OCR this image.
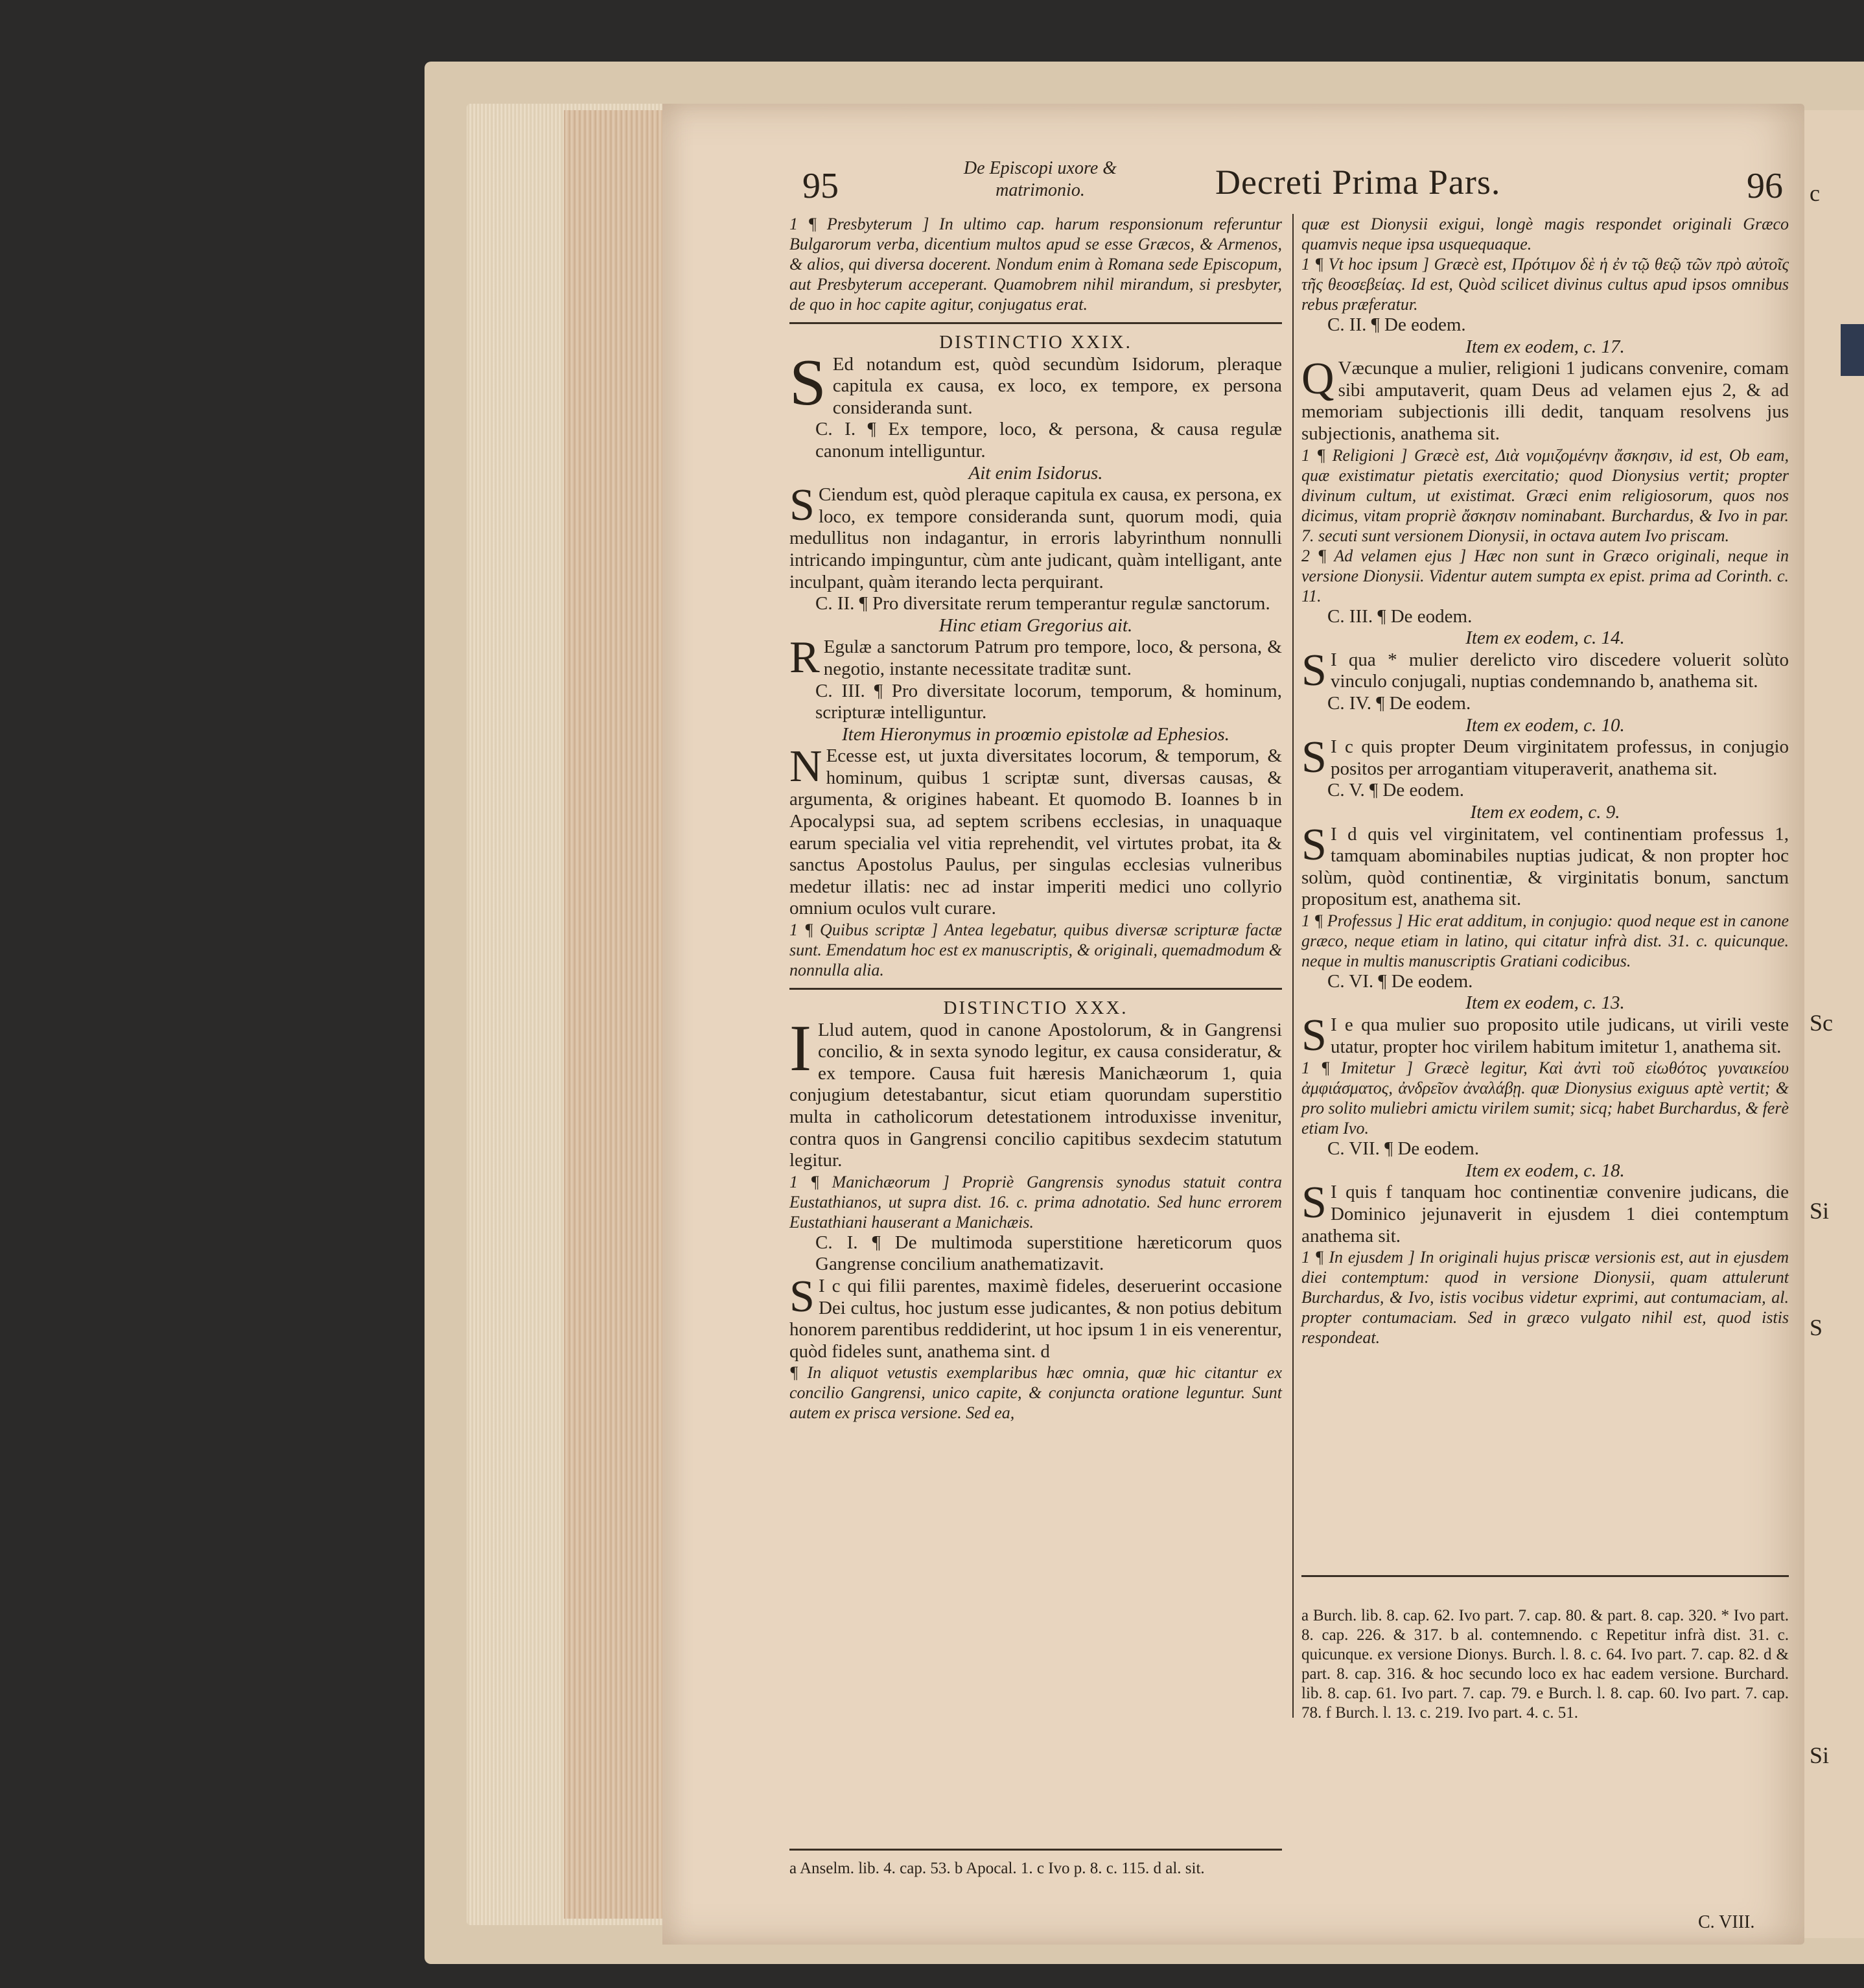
c
Sc
Si
S
Si
95	De Episcopi uxore & matrimonio.	Decreti Prima Pars.	96

1 ¶ Presbyterum ] In ultimo cap. harum responsionum referuntur Bulgarorum verba, dicentium multos apud se esse Græcos, & Armenos, & alios, qui diversa docerent. Nondum enim à Romana sede Episcopum, aut Presbyterum acceperant. Quamobrem nihil mirandum, si presbyter, de quo in hoc capite agitur, conjugatus erat.

DISTINCTIO XXIX.

S Ed notandum est, quòd secundùm Isidorum, pleraque capitula ex causa, ex loco, ex tempore, ex persona consideranda sunt.

C. I. ¶ Ex tempore, loco, & persona, & causa regulæ canonum intelliguntur.

Ait enim Isidorus.

S Ciendum est, quòd pleraque capitula ex causa, ex persona, ex loco, ex tempore consideranda sunt, quorum modi, quia medullitus non indagantur, in erroris labyrinthum nonnulli intricando impinguntur, cùm ante judicant, quàm intelligant, ante inculpant, quàm iterando lecta perquirant.

C. II. ¶ Pro diversitate rerum temperantur regulæ sanctorum.

Hinc etiam Gregorius ait.

R Egulæ a sanctorum Patrum pro tempore, loco, & persona, & negotio, instante necessitate traditæ sunt.

C. III. ¶ Pro diversitate locorum, temporum, & hominum, scripturæ intelliguntur.

Item Hieronymus in proœmio epistolæ ad Ephesios.

N Ecesse est, ut juxta diversitates locorum, & temporum, & hominum, quibus 1 scriptæ sunt, diversas causas, & argumenta, & origines habeant. Et quomodo B. Ioannes b in Apocalypsi sua, ad septem scribens ecclesias, in unaquaque earum specialia vel vitia reprehendit, vel virtutes probat, ita & sanctus Apostolus Paulus, per singulas ecclesias vulneribus medetur illatis: nec ad instar imperiti medici uno collyrio omnium oculos vult curare.

1 ¶ Quibus scriptæ ] Antea legebatur, quibus diversæ scripturæ factæ sunt. Emendatum hoc est ex manuscriptis, & originali, quemadmodum & nonnulla alia.

DISTINCTIO XXX.

I Llud autem, quod in canone Apostolorum, & in Gangrensi concilio, & in sexta synodo legitur, ex causa consideratur, & ex tempore. Causa fuit hæresis Manichæorum 1, quia conjugium detestabantur, sicut etiam quorundam superstitio multa in catholicorum detestationem introduxisse invenitur, contra quos in Gangrensi concilio capitibus sexdecim statutum legitur.

1 ¶ Manichæorum ] Propriè Gangrensis synodus statuit contra Eustathianos, ut supra dist. 16. c. prima adnotatio. Sed hunc errorem Eustathiani hauserant a Manichæis.

C. I. ¶ De multimoda superstitione hæreticorum quos Gangrense concilium anathematizavit.

S I c qui filii parentes, maximè fideles, deseruerint occasione Dei cultus, hoc justum esse judicantes, & non potius debitum honorem parentibus reddiderint, ut hoc ipsum 1 in eis venerentur, quòd fideles sunt, anathema sint. d

¶ In aliquot vetustis exemplaribus hæc omnia, quæ hic citantur ex concilio Gangrensi, unico capite, & conjuncta oratione leguntur. Sunt autem ex prisca versione. Sed ea,

quæ est Dionysii exigui, longè magis respondet originali Græco quamvis neque ipsa usquequaque.

1 ¶ Vt hoc ipsum ] Græcè est, Πρότιμον δὲ ἡ ἐν τῷ θεῷ τῶν πρὸ αὐτοῖς τῆς θεοσεβείας. Id est, Quòd scilicet divinus cultus apud ipsos omnibus rebus præferatur.

C. II. ¶ De eodem.

Item ex eodem, c. 17.

Q Væcunque a mulier, religioni 1 judicans convenire, comam sibi amputaverit, quam Deus ad velamen ejus 2, & ad memoriam subjectionis illi dedit, tanquam resolvens jus subjectionis, anathema sit.

1 ¶ Religioni ] Græcè est, Διὰ νομιζομένην ἄσκησιν, id est, Ob eam, quæ existimatur pietatis exercitatio; quod Dionysius vertit; propter divinum cultum, ut existimat. Græci enim religiosorum, quos nos dicimus, vitam propriè ἄσκησιν nominabant. Burchardus, & Ivo in par. 7. secuti sunt versionem Dionysii, in octava autem Ivo priscam.

2 ¶ Ad velamen ejus ] Hæc non sunt in Græco originali, neque in versione Dionysii. Videntur autem sumpta ex epist. prima ad Corinth. c. 11.

C. III. ¶ De eodem.

Item ex eodem, c. 14.

S I qua * mulier derelicto viro discedere voluerit solùto vinculo conjugali, nuptias condemnando b, anathema sit.

C. IV. ¶ De eodem.

Item ex eodem, c. 10.

S I c quis propter Deum virginitatem professus, in conjugio positos per arrogantiam vituperaverit, anathema sit.

C. V. ¶ De eodem.

Item ex eodem, c. 9.

S I d quis vel virginitatem, vel continentiam professus 1, tamquam abominabiles nuptias judicat, & non propter hoc solùm, quòd continentiæ, & virginitatis bonum, sanctum propositum est, anathema sit.

1 ¶ Professus ] Hic erat additum, in conjugio: quod neque est in canone græco, neque etiam in latino, qui citatur infrà dist. 31. c. quicunque. neque in multis manuscriptis Gratiani codicibus.

C. VI. ¶ De eodem.

Item ex eodem, c. 13.

S I e qua mulier suo proposito utile judicans, ut virili veste utatur, propter hoc virilem habitum imitetur 1, anathema sit.

1 ¶ Imitetur ] Græcè legitur, Καὶ ἀντὶ τοῦ εἰωθότος γυναικείου ἀμφιάσματος, ἀνδρεῖον ἀναλάβῃ. quæ Dionysius exiguus aptè vertit; & pro solito muliebri amictu virilem sumit; sicq; habet Burchardus, & ferè etiam Ivo.

C. VII. ¶ De eodem.

Item ex eodem, c. 18.

S I quis f tanquam hoc continentiæ convenire judicans, die Dominico jejunaverit in ejusdem 1 diei contemptum anathema sit.

1 ¶ In ejusdem ] In originali hujus priscæ versionis est, aut in ejusdem diei contemptum: quod in versione Dionysii, quam attulerunt Burchardus, & Ivo, istis vocibus videtur exprimi, aut contumaciam, al. propter contumaciam. Sed in græco vulgato nihil est, quod istis respondeat.

a Anselm. lib. 4. cap. 53. b Apocal. 1. c Ivo p. 8. c. 115. d al. sit.
a Burch. lib. 8. cap. 62. Ivo part. 7. cap. 80. & part. 8. cap. 320. * Ivo part. 8. cap. 226. & 317. b al. contemnendo. c Repetitur infrà dist. 31. c. quicunque. ex versione Dionys. Burch. l. 8. c. 64. Ivo part. 7. cap. 82. d & part. 8. cap. 316. & hoc secundo loco ex hac eadem versione. Burchard. lib. 8. cap. 61. Ivo part. 7. cap. 79. e Burch. l. 8. cap. 60. Ivo part. 7. cap. 78. f Burch. l. 13. c. 219. Ivo part. 4. c. 51.
C. VIII.
